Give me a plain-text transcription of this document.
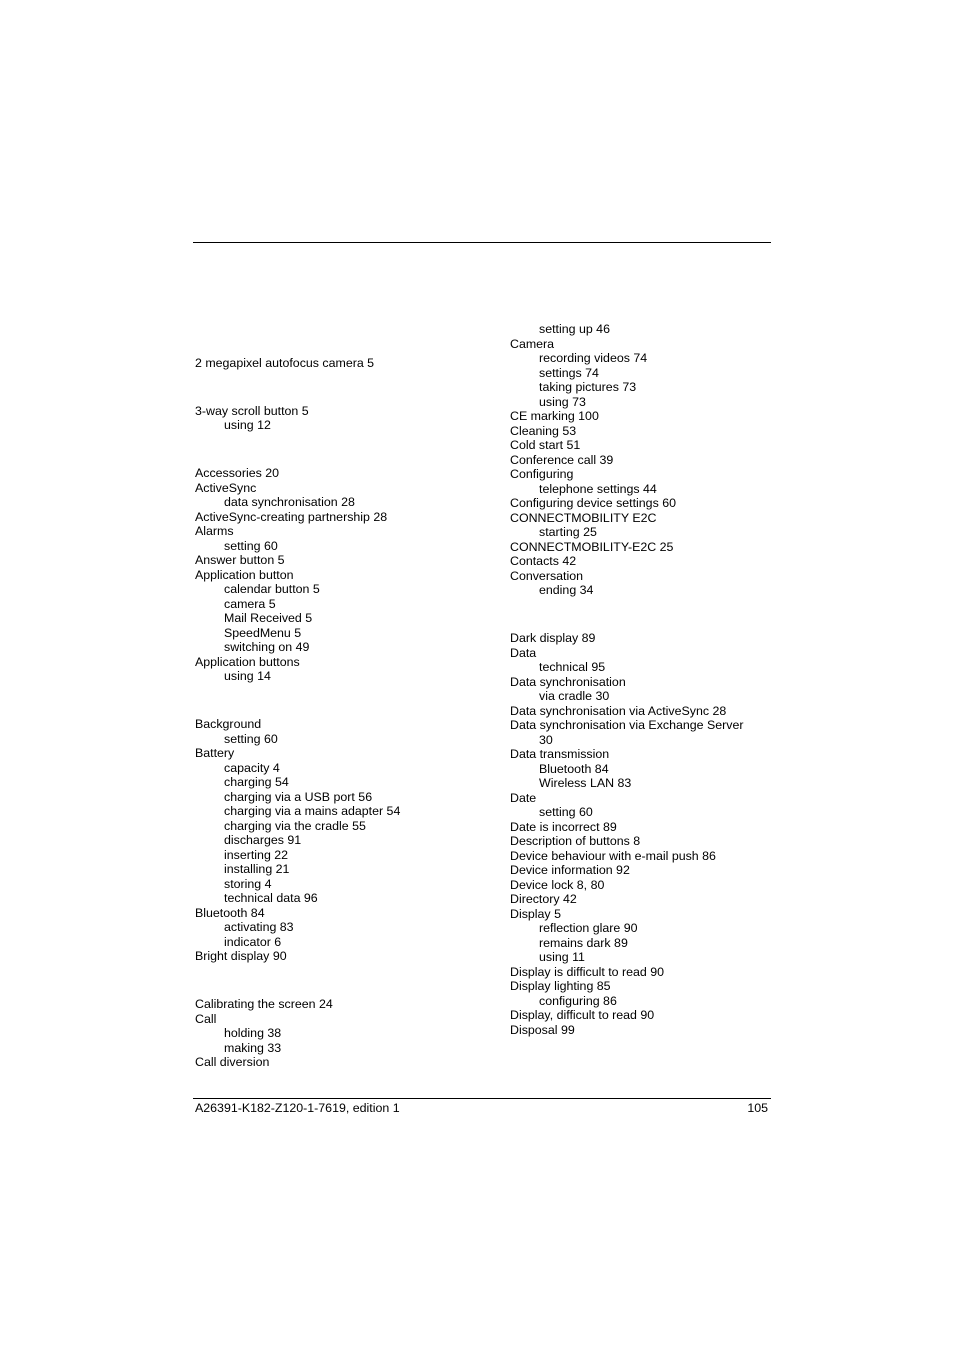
2 megapixel autofocus camera 5
3-way scroll button 5
using 12
Accessories 20
ActiveSync
data synchronisation 28
ActiveSync-creating partnership 28
Alarms
setting 60
Answer button 5
Application button
calendar button 5
camera 5
Mail Received 5
SpeedMenu 5
switching on 49
Application buttons
using 14
Background
setting 60
Battery
capacity 4
charging 54
charging via a USB port 56
charging via a mains adapter 54
charging via the cradle 55
discharges 91
inserting 22
installing 21
storing 4
technical data 96
Bluetooth 84
activating 83
indicator 6
Bright display 90
Calibrating the screen 24
Call
holding 38
making 33
Call diversion
setting up 46
Camera
recording videos 74
settings 74
taking pictures 73
using 73
CE marking 100
Cleaning 53
Cold start 51
Conference call 39
Configuring
telephone settings 44
Configuring device settings 60
CONNECTMOBILITY E2C
starting 25
CONNECTMOBILITY-E2C 25
Contacts 42
Conversation
ending 34
Dark display 89
Data
technical 95
Data synchronisation
via cradle 30
Data synchronisation via ActiveSync 28
Data synchronisation via Exchange Server
30
Data transmission
Bluetooth 84
Wireless LAN 83
Date
setting 60
Date is incorrect 89
Description of buttons 8
Device behaviour with e-mail push 86
Device information 92
Device lock 8, 80
Directory 42
Display 5
reflection glare 90
remains dark 89
using 11
Display is difficult to read 90
Display lighting 85
configuring 86
Display, difficult to read 90
Disposal 99
A26391-K182-Z120-1-7619, edition 1	105
